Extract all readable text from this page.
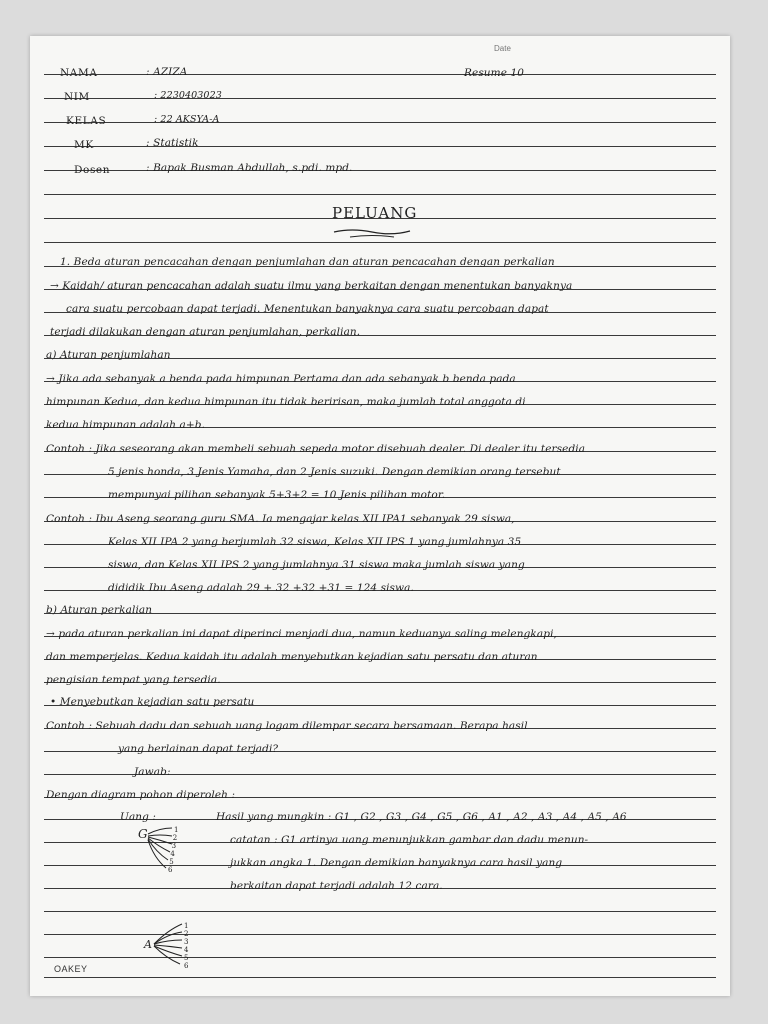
Date
NAMA	: AZIZA	Resume 10
NIM	: 2230403023
KELAS	: 22 AKSYA-A
MK	: Statistik
Dosen	: Bapak Busman Abdullah, s.pdi. mpd.
PELUANG
1. Beda aturan pencacahan dengan penjumlahan dan aturan pencacahan dengan perkalian
→ Kaidah/ aturan pencacahan adalah suatu ilmu yang berkaitan dengan menentukan banyaknya
cara suatu percobaan dapat terjadi. Menentukan banyaknya cara suatu percobaan dapat
terjadi dilakukan dengan aturan penjumlahan, perkalian.
a) Aturan penjumlahan
→ Jika ada sebanyak a benda pada himpunan Pertama dan ada sebanyak b benda pada
himpunan Kedua, dan kedua himpunan itu tidak beririsan, maka jumlah total anggota di
kedua himpunan adalah a+b.
Contoh : Jika seseorang akan membeli sebuah sepeda motor disebuah dealer. Di dealer itu tersedia
5 jenis honda, 3 Jenis Yamaha, dan 2 Jenis suzuki. Dengan demikian orang tersebut
mempunyai pilihan sebanyak 5+3+2 = 10 Jenis pilihan motor.
Contoh : Ibu Aseng seorang guru SMA. Ia mengajar kelas XII IPA1 sebanyak 29 siswa,
Kelas XII IPA 2 yang berjumlah 32 siswa, Kelas XII IPS 1 yang jumlahnya 35
siswa, dan Kelas XII IPS 2 yang jumlahnya 31 siswa maka jumlah siswa yang
dididik Ibu Aseng adalah 29 + 32 +32 +31 = 124 siswa.
b) Aturan perkalian
→ pada aturan perkalian ini dapat diperinci menjadi dua, namun keduanya saling melengkapi,
dan memperjelas. Kedua kaidah itu adalah menyebutkan kejadian satu persatu dan aturan
pengisian tempat yang tersedia.
• Menyebutkan kejadian satu persatu
Contoh : Sebuah dadu dan sebuah uang logam dilempar secara bersamaan. Berapa hasil
yang berlainan dapat terjadi?
Jawab:
Dengan diagram pohon diperoleh :
Uang :	Hasil yang mungkin : G1 , G2 , G3 , G4 , G5 , G6 , A1 , A2 , A3 , A4 , A5 , A6
catatan : G1 artinya uang menunjukkan gambar dan dadu menun-
jukkan angka 1. Dengan demikian banyaknya cara hasil yang
berkaitan dapat terjadi adalah 12 cara.
G	1
2
3
4
5
6
A
1
2
3
4
5
6
OAKEY
